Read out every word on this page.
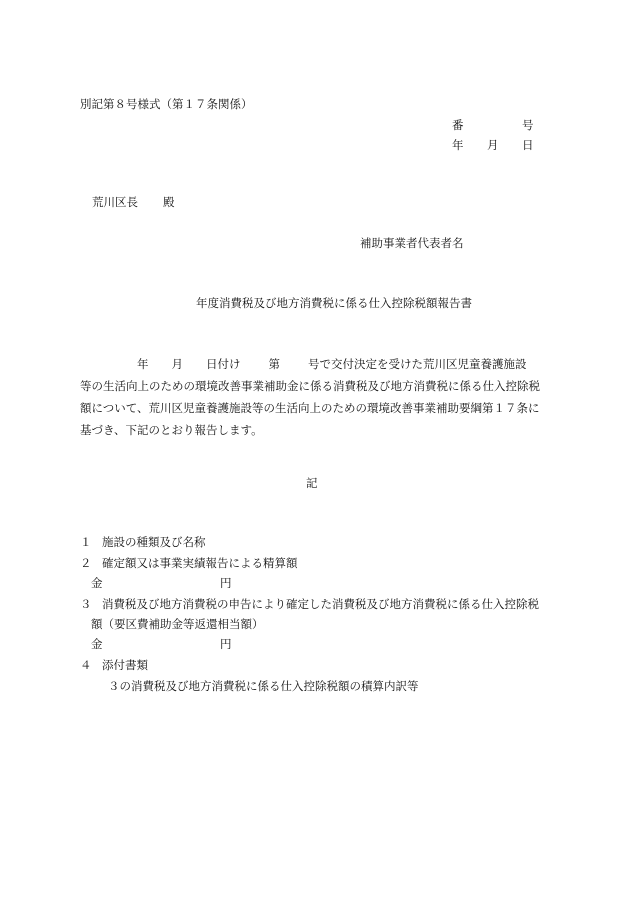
別記第８号様式（第１７条関係）
番	号
年 月 日
荒川区長 殿
補助事業者代表者名
年度消費税及び地方消費税に係る仕入控除税額報告書
年 月 日付け 第 号で交付決定を受けた荒川区児童養護施設
等の生活向上のための環境改善事業補助金に係る消費税及び地方消費税に係る仕入控除税
額について、荒川区児童養護施設等の生活向上のための環境改善事業補助要綱第１７条に
基づき、下記のとおり報告します。
記
１ 施設の種類及び名称
２ 確定額又は事業実績報告による精算額
金	円
３ 消費税及び地方消費税の申告により確定した消費税及び地方消費税に係る仕入控除税
額（要区費補助金等返還相当額）
金	円
４ 添付書類
３の消費税及び地方消費税に係る仕入控除税額の積算内訳等
